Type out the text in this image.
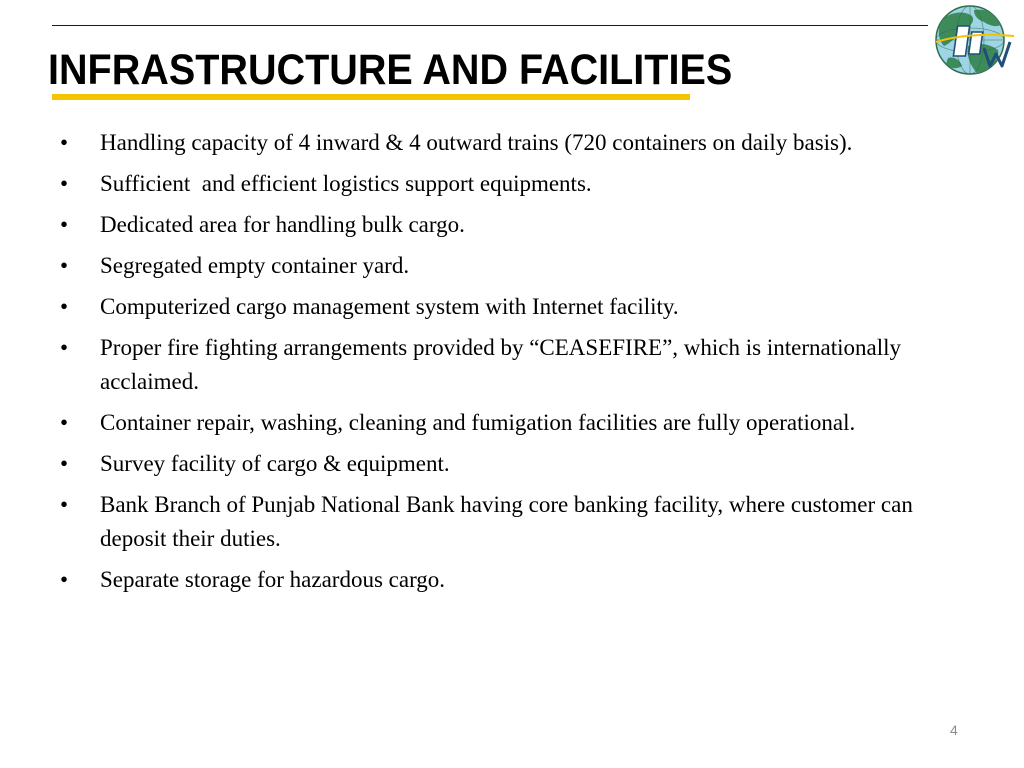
INFRASTRUCTURE AND FACILITIES
• Handling capacity of 4 inward & 4 outward trains (720 containers on daily basis).
• Sufficient  and efficient logistics support equipments.
• Dedicated area for handling bulk cargo.
• Segregated empty container yard.
• Computerized cargo management system with Internet facility.
• Proper fire fighting arrangements provided by “CEASEFIRE”, which is internationally acclaimed.
• Container repair, washing, cleaning and fumigation facilities are fully operational.
• Survey facility of cargo & equipment.
• Bank Branch of Punjab National Bank having core banking facility, where customer can deposit their duties.
• Separate storage for hazardous cargo.
4
